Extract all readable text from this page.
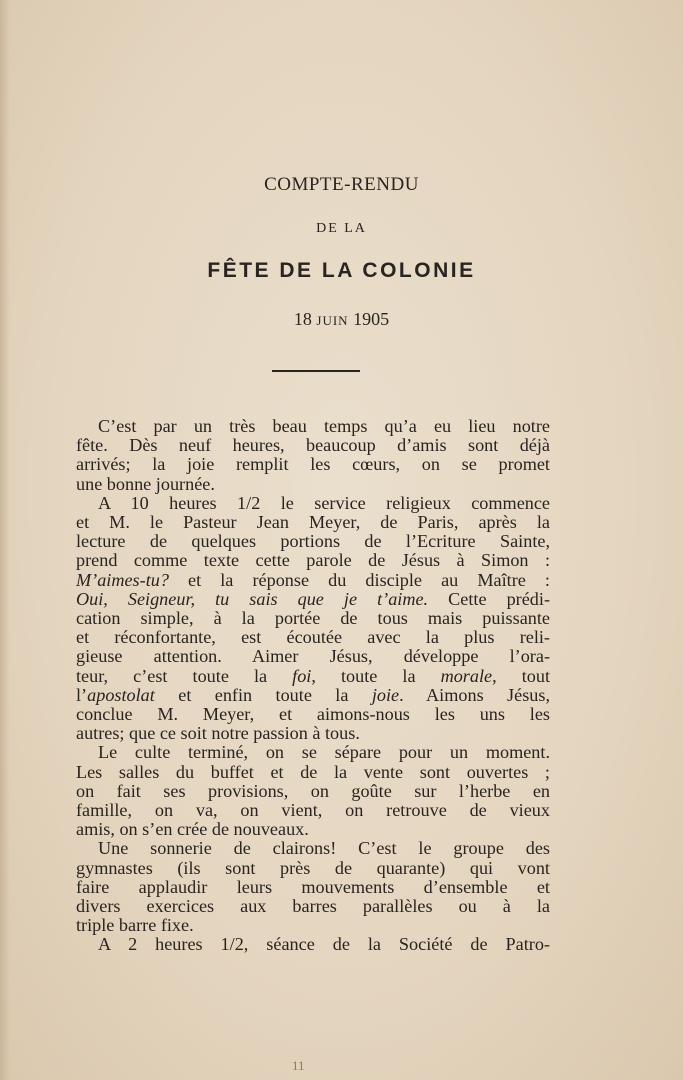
COMPTE-RENDU
DE LA
FÊTE DE LA COLONIE
18 JUIN 1905
C’est par un très beau temps qu’a eu lieu notre
fête. Dès neuf heures, beaucoup d’amis sont déjà
arrivés; la joie remplit les cœurs, on se promet
une bonne journée.
A 10 heures 1/2 le service religieux commence
et M. le Pasteur Jean Meyer, de Paris, après la
lecture de quelques portions de l’Ecriture Sainte,
prend comme texte cette parole de Jésus à Simon :
M’aimes-tu? et la réponse du disciple au Maître :
Oui, Seigneur, tu sais que je t’aime. Cette prédi-
cation simple, à la portée de tous mais puissante
et réconfortante, est écoutée avec la plus reli-
gieuse attention. Aimer Jésus, développe l’ora-
teur, c’est toute la foi, toute la morale, tout
l’apostolat et enfin toute la joie. Aimons Jésus,
conclue M. Meyer, et aimons-nous les uns les
autres; que ce soit notre passion à tous.
Le culte terminé, on se sépare pour un moment.
Les salles du buffet et de la vente sont ouvertes ;
on fait ses provisions, on goûte sur l’herbe en
famille, on va, on vient, on retrouve de vieux
amis, on s’en crée de nouveaux.
Une sonnerie de clairons! C’est le groupe des
gymnastes (ils sont près de quarante) qui vont
faire applaudir leurs mouvements d’ensemble et
divers exercices aux barres parallèles ou à la
triple barre fixe.
A 2 heures 1/2, séance de la Société de Patro-
11
